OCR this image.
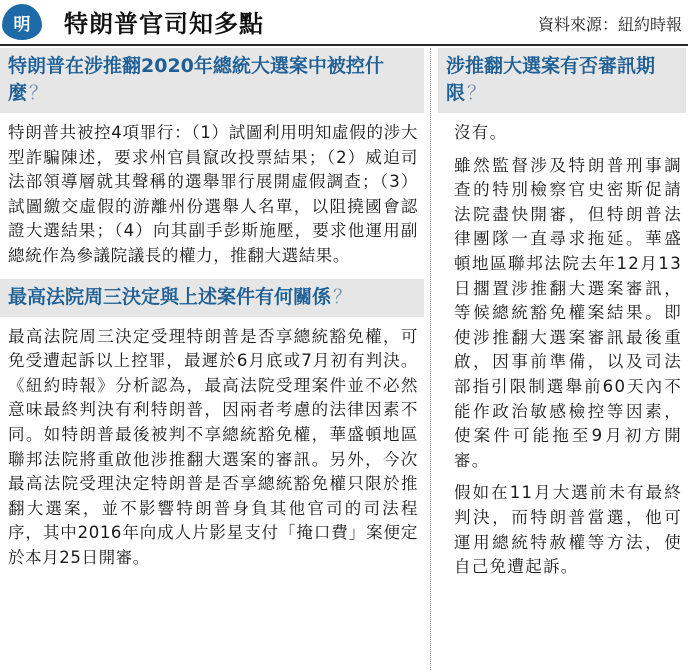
明 特朗普官司知多點	資料來源：紐約時報
特朗普在涉推翻2020年總統大選案中被控什麼 ？
特朗普共被控4項罪行：（1）試圖利用明知虛假的涉大型詐騙陳述，要求州官員竄改投票結果；（2）威迫司法部領導層就其聲稱的選舉罪行展開虛假調查；（3）試圖繳交虛假的游離州份選舉人名單，以阻撓國會認證大選結果；（4）向其副手彭斯施壓，要求他運用副總統作為參議院議長的權力，推翻大選結果。
最高法院周三決定與上述案件有何關係 ？
最高法院周三決定受理特朗普是否享總統豁免權，可免受遭起訴以上控罪，最遲於6月底或7月初有判決。《紐約時報》分析認為，最高法院受理案件並不必然意味最終判決有利特朗普，因兩者考慮的法律因素不同。如特朗普最後被判不享總統豁免權，華盛頓地區聯邦法院將重啟他涉推翻大選案的審訊。另外，今次最高法院受理決定特朗普是否享總統豁免權只限於推翻大選案，並不影響特朗普身負其他官司的司法程序，其中2016年向成人片影星支付「掩口費」案便定於本月25日開審。
涉推翻大選案有否審訊期限 ？
沒有。
雖然監督涉及特朗普刑事調查的特別檢察官史密斯促請法院盡快開審，但特朗普法律團隊一直尋求拖延。華盛頓地區聯邦法院去年12月13日擱置涉推翻大選案審訊，等候總統豁免權案結果。即使涉推翻大選案審訊最後重啟，因事前準備，以及司法部指引限制選舉前60天內不能作政治敏感檢控等因素，使案件可能拖至9月初方開審。
假如在11月大選前未有最終判決，而特朗普當選，他可運用總統特赦權等方法，使自己免遭起訴。
